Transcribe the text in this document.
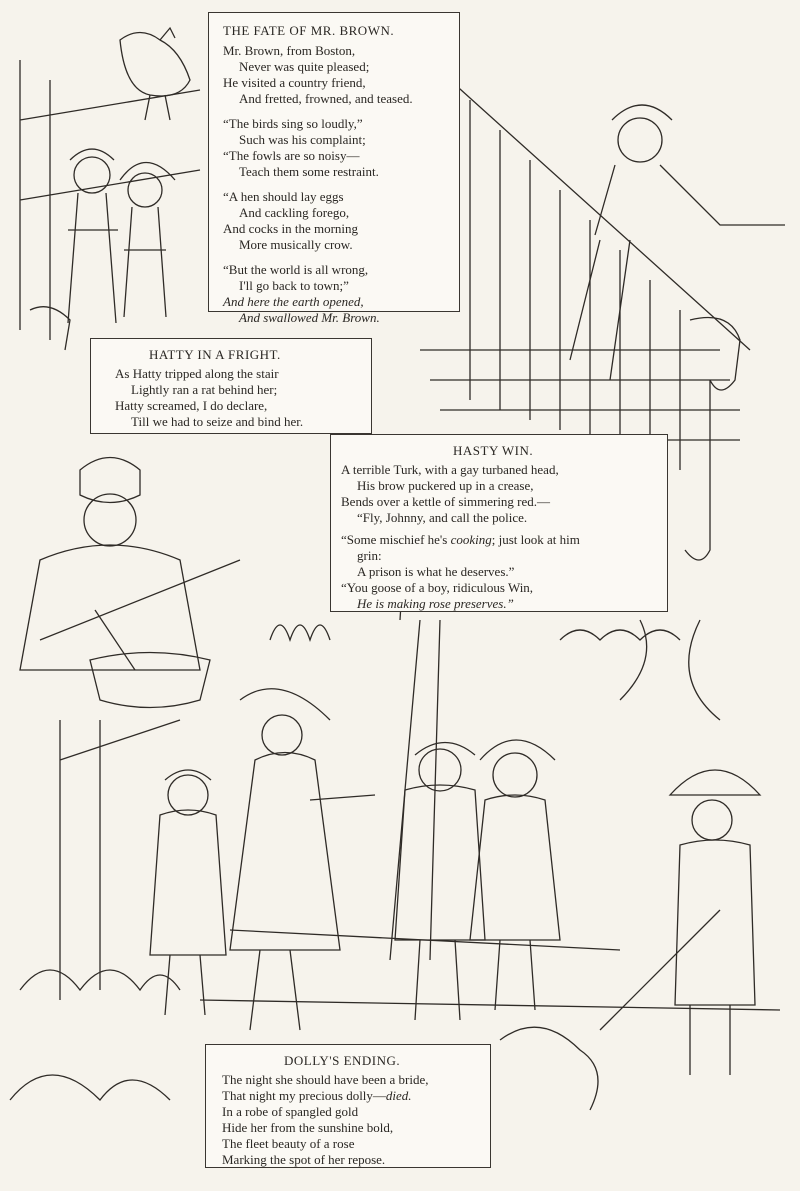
THE FATE OF MR. BROWN.
Mr. Brown, from Boston,
Never was quite pleased;
He visited a country friend,
And fretted, frowned, and teased.
“The birds sing so loudly,”
Such was his complaint;
“The fowls are so noisy—
Teach them some restraint.
“A hen should lay eggs
And cackling forego,
And cocks in the morning
More musically crow.
“But the world is all wrong,
I'll go back to town;”
And here the earth opened,
And swallowed Mr. Brown.
HATTY IN A FRIGHT.
As Hatty tripped along the stair
Lightly ran a rat behind her;
Hatty screamed, I do declare,
Till we had to seize and bind her.
HASTY WIN.
A terrible Turk, with a gay turbaned head,
His brow puckered up in a crease,
Bends over a kettle of simmering red.—
“Fly, Johnny, and call the police.
“Some mischief he's cooking; just look at him
grin:
A prison is what he deserves.”
“You goose of a boy, ridiculous Win,
He is making rose preserves.”
DOLLY'S ENDING.
The night she should have been a bride,
That night my precious dolly—died.
In a robe of spangled gold
Hide her from the sunshine bold,
The fleet beauty of a rose
Marking the spot of her repose.
